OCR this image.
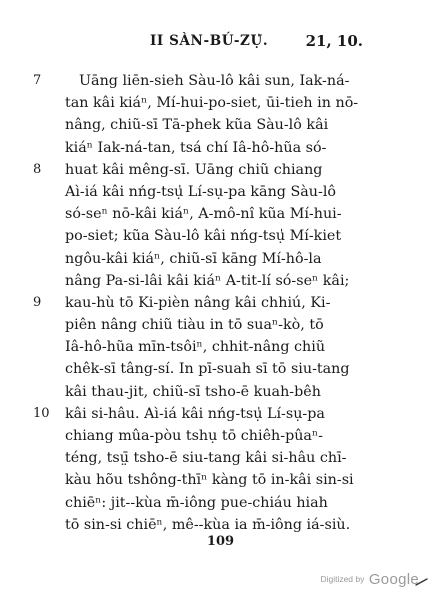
II SÀN-BÚ-ZỤ̍. 21, 10.
7	Uāng liēn-sieh Sàu-lô kâi sun, Iak-ná-
tan kâi kiáⁿ, Mí-hui-po-siet, ūi-tieh in nō-
nâng, chiũ-sī Tā-phek kũa Sàu-lô kâi
kiáⁿ Iak-ná-tan, tsá chí Iâ-hô-hũa só-
8 huat kâi mêng-sī. Uāng chiũ chiang
Aì-iá kâi nńg-tsụ̍ Lí-sụ-pa kāng Sàu-lô
só-seⁿ nō-kâi kiáⁿ, A-mô-nî kũa Mí-hui-
po-siet; kũa Sàu-lô kâi nńg-tsụ̍ Mí-kiet
ngôu-kâi kiáⁿ, chiũ-sī kāng Mí-hô-la
nâng Pa-si-lâi kâi kiáⁿ A-tit-lí só-seⁿ kâi;
9 kau-hù tō Ki-pièn nâng kâi chhiú, Ki-
piên nâng chiũ tiàu in tō suaⁿ-kò, tō
Iâ-hô-hũa mīn-tsôiⁿ, chhit-nâng chiũ
chêk-sī tâng-sí. In pī-suah sī tō siu-tang
kâi thau-jit, chiũ-sī tsho-ē kuah-bêh
10 kâi si-hâu. Aì-iá kâi nńg-tsụ̍ Lí-sụ-pa
chiang mûa-pòu tshụ tō chiêh-pûaⁿ-
téng, tsṳ̄ tsho-ē siu-tang kâi si-hâu chī-
kàu hõu tshông-thīⁿ kàng tō in-kâi sin-si
chiēⁿ: jit--kùa m̄-iông pue-chiáu hiah
tō sin-si chiēⁿ, mê--kùa ia m̄-iông iá-siù.
109
Digitized by Google
